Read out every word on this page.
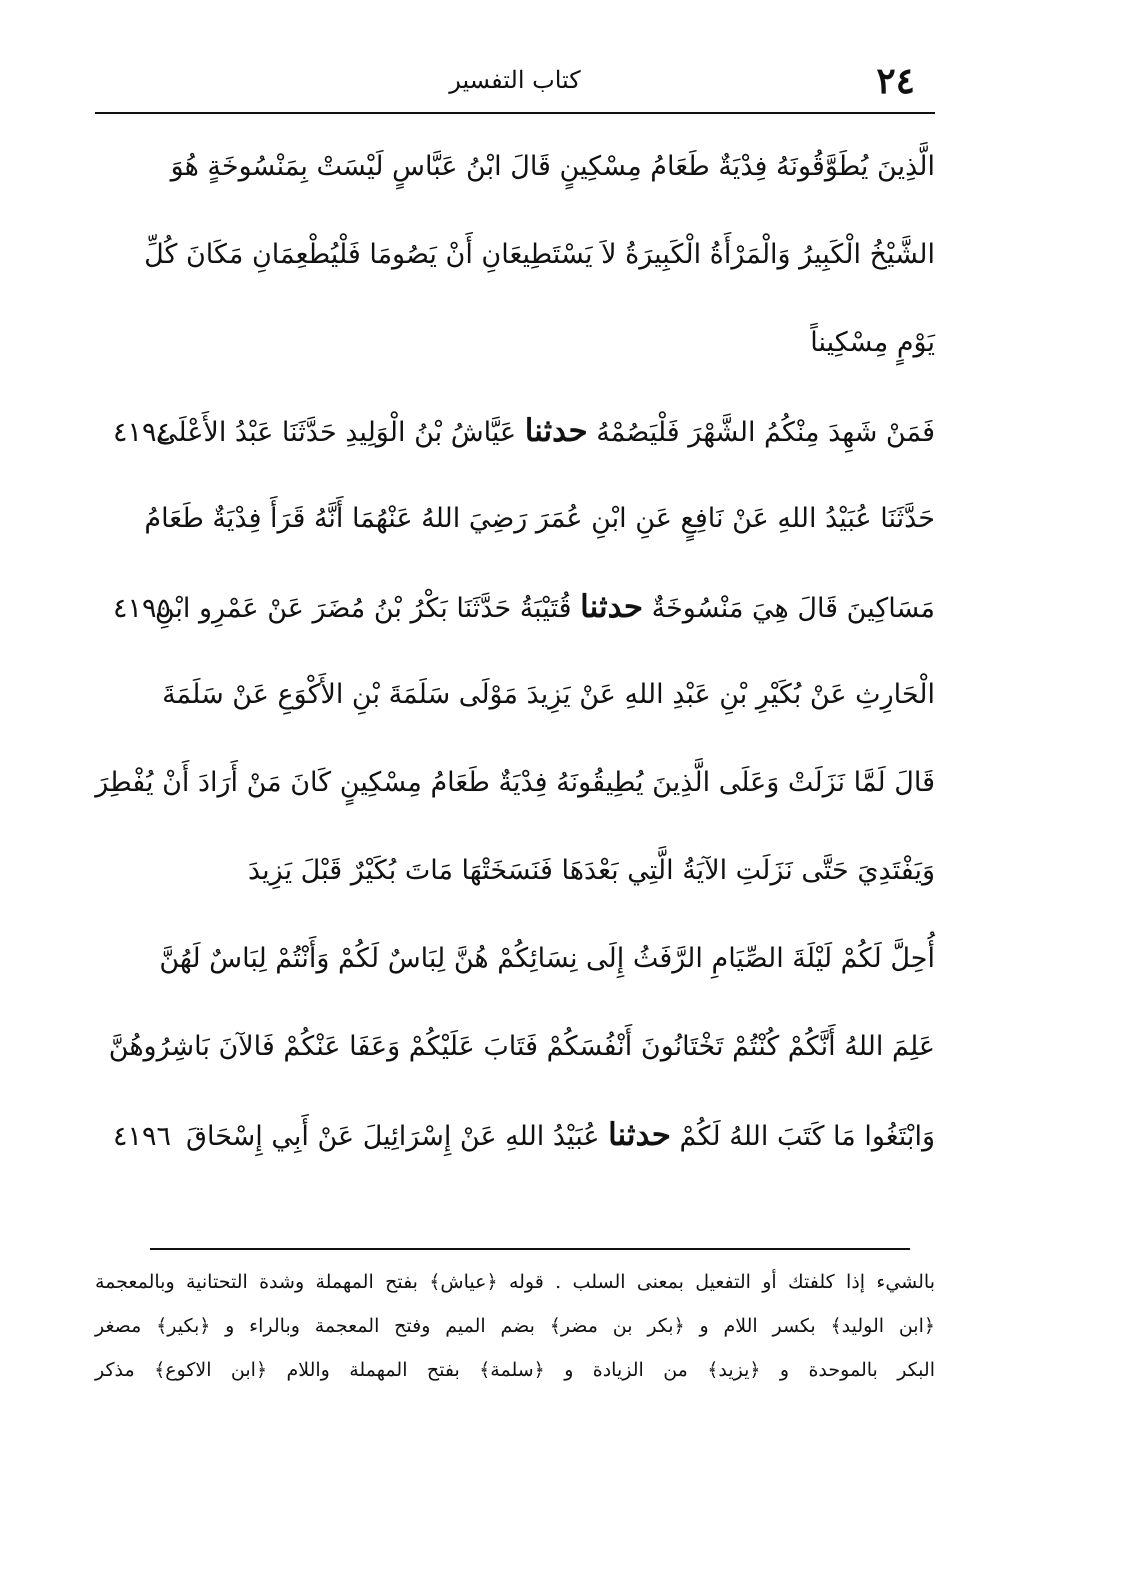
٢٤
كتاب التفسير
الَّذِينَ يُطَوَّقُونَهُ فِدْيَةٌ طَعَامُ مِسْكِينٍ قَالَ ابْنُ عَبَّاسٍ لَيْسَتْ بِمَنْسُوخَةٍ هُوَ
الشَّيْخُ الْكَبِيرُ وَالْمَرْأَةُ الْكَبِيرَةُ لاَ يَسْتَطِيعَانِ أَنْ يَصُومَا فَلْيُطْعِمَانِ مَكَانَ كُلِّ
يَوْمٍ مِسْكِيناً
٤١٩٤	فَمَنْ شَهِدَ مِنْكُمُ الشَّهْرَ فَلْيَصُمْهُ حدثنا عَيَّاشُ بْنُ الْوَلِيدِ حَدَّثَنَا عَبْدُ الأَعْلَى
حَدَّثَنَا عُبَيْدُ اللهِ عَنْ نَافِعٍ عَنِ ابْنِ عُمَرَ رَضِيَ اللهُ عَنْهُمَا أَنَّهُ قَرَأَ فِدْيَةٌ طَعَامُ
٤١٩٥	مَسَاكِينَ قَالَ هِيَ مَنْسُوخَةٌ حدثنا قُتَيْبَةُ حَدَّثَنَا بَكْرُ بْنُ مُضَرَ عَنْ عَمْرِو ابْنِ
الْحَارِثِ عَنْ بُكَيْرِ بْنِ عَبْدِ اللهِ عَنْ يَزِيدَ مَوْلَى سَلَمَةَ بْنِ الأَكْوَعِ عَنْ سَلَمَةَ
قَالَ لَمَّا نَزَلَتْ وَعَلَى الَّذِينَ يُطِيقُونَهُ فِدْيَةٌ طَعَامُ مِسْكِينٍ كَانَ مَنْ أَرَادَ أَنْ يُفْطِرَ
وَيَفْتَدِيَ حَتَّى نَزَلَتِ الآيَةُ الَّتِي بَعْدَهَا فَنَسَخَتْهَا مَاتَ بُكَيْرٌ قَبْلَ يَزِيدَ
أُحِلَّ لَكُمْ لَيْلَةَ الصِّيَامِ الرَّفَثُ إِلَى نِسَائِكُمْ هُنَّ لِبَاسٌ لَكُمْ وَأَنْتُمْ لِبَاسٌ لَهُنَّ
عَلِمَ اللهُ أَنَّكُمْ كُنْتُمْ تَخْتَانُونَ أَنْفُسَكُمْ فَتَابَ عَلَيْكُمْ وَعَفَا عَنْكُمْ فَالآنَ بَاشِرُوهُنَّ
٤١٩٦	وَابْتَغُوا مَا كَتَبَ اللهُ لَكُمْ حدثنا عُبَيْدُ اللهِ عَنْ إِسْرَائِيلَ عَنْ أَبِي إِسْحَاقَ
بالشيء إذا كلفتك أو التفعيل بمعنى السلب . قوله ﴿عياش﴾ بفتح المهملة وشدة التحتانية وبالمعجمة
﴿ابن الوليد﴾ بكسر اللام و ﴿بكر بن مضر﴾ بضم الميم وفتح المعجمة وبالراء و ﴿بكير﴾ مصغر
البكر بالموحدة و ﴿يزيد﴾ من الزيادة و ﴿سلمة﴾ بفتح المهملة واللام ﴿ابن الاكوع﴾ مذكر
